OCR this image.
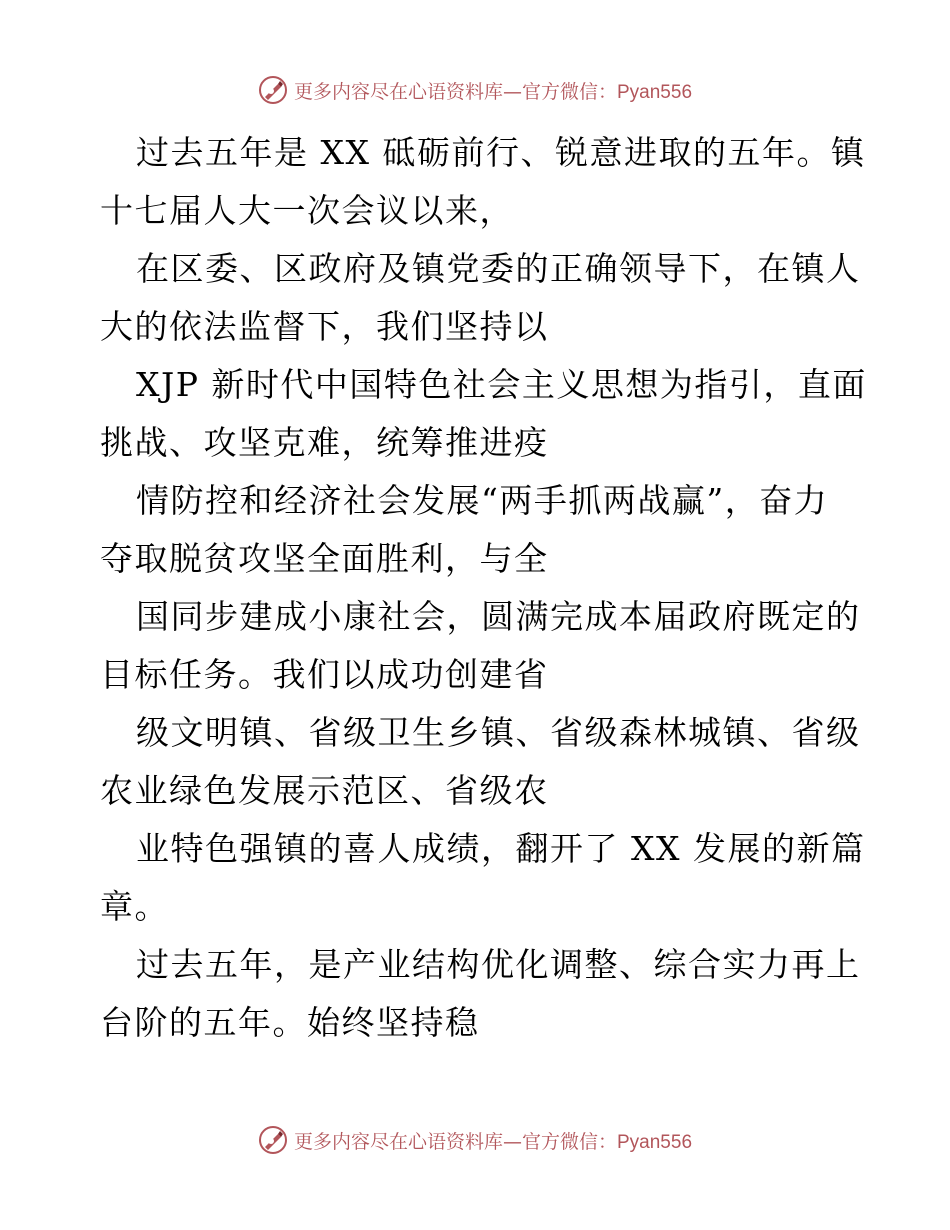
更多内容尽在心语资料库—官方微信：Pyan556
过去五年是 XX 砥砺前行、锐意进取的五年。镇
十七届人大一次会议以来，
在区委、区政府及镇党委的正确领导下，在镇人
大的依法监督下，我们坚持以
XJP 新时代中国特色社会主义思想为指引，直面
挑战、攻坚克难，统筹推进疫
情防控和经济社会发展“两手抓两战赢”，奋力
夺取脱贫攻坚全面胜利，与全
国同步建成小康社会，圆满完成本届政府既定的
目标任务。我们以成功创建省
级文明镇、省级卫生乡镇、省级森林城镇、省级
农业绿色发展示范区、省级农
业特色强镇的喜人成绩，翻开了 XX 发展的新篇
章。
过去五年，是产业结构优化调整、综合实力再上
台阶的五年。始终坚持稳
更多内容尽在心语资料库—官方微信：Pyan556
